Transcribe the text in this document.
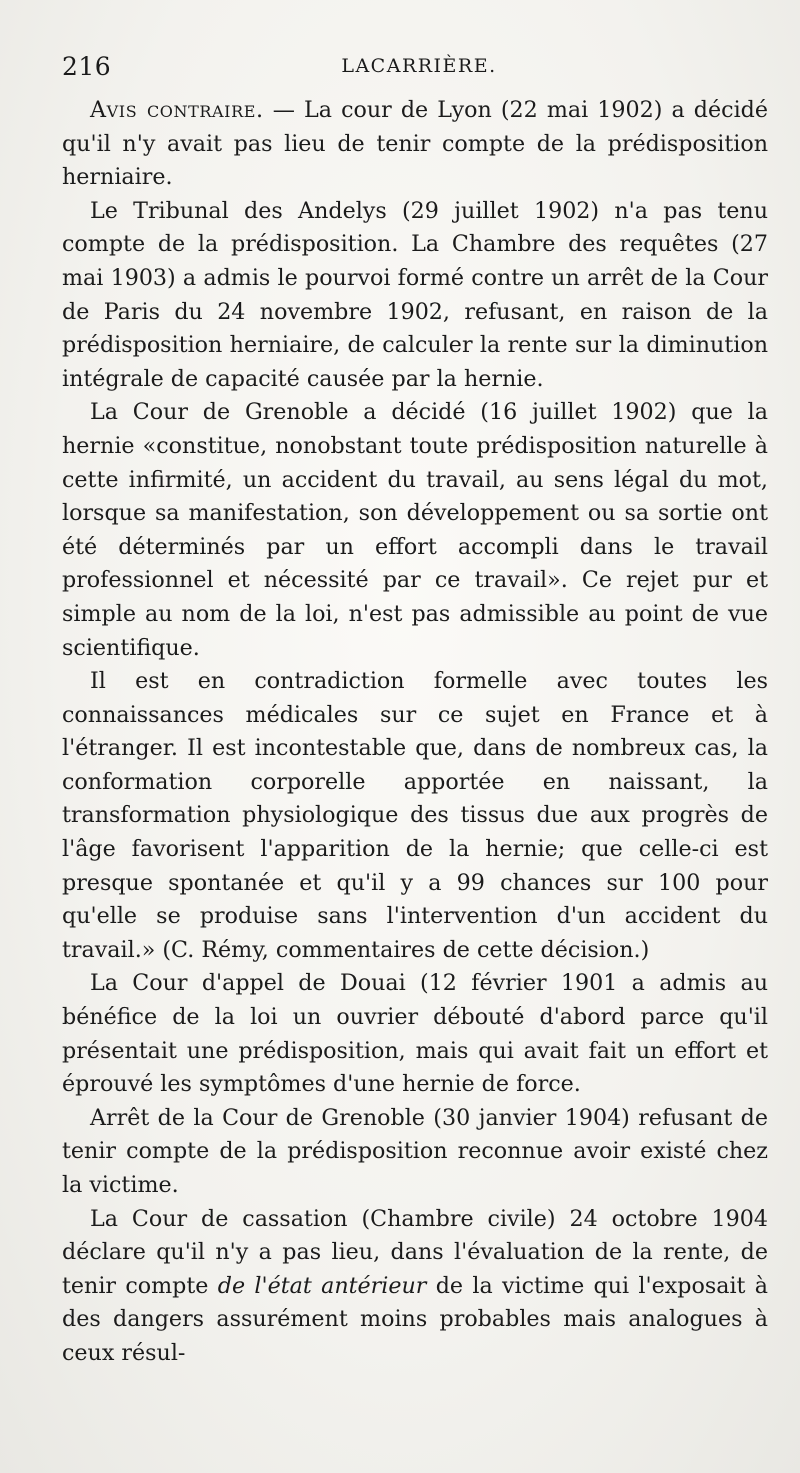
216	LACARRIÈRE.

Avis contraire. — La cour de Lyon (22 mai 1902) a décidé qu'il n'y avait pas lieu de tenir compte de la prédisposition herniaire.

Le Tribunal des Andelys (29 juillet 1902) n'a pas tenu compte de la prédisposition. La Chambre des requêtes (27 mai 1903) a admis le pourvoi formé contre un arrêt de la Cour de Paris du 24 novembre 1902, refusant, en raison de la prédisposition herniaire, de calculer la rente sur la diminution intégrale de capacité causée par la hernie.

La Cour de Grenoble a décidé (16 juillet 1902) que la hernie «constitue, nonobstant toute prédisposition naturelle à cette infirmité, un accident du travail, au sens légal du mot, lorsque sa manifestation, son développement ou sa sortie ont été déterminés par un effort accompli dans le travail professionnel et nécessité par ce travail». Ce rejet pur et simple au nom de la loi, n'est pas admissible au point de vue scientifique.

Il est en contradiction formelle avec toutes les connaissances médicales sur ce sujet en France et à l'étranger. Il est incontestable que, dans de nombreux cas, la conformation corporelle apportée en naissant, la transformation physiologique des tissus due aux progrès de l'âge favorisent l'apparition de la hernie; que celle-ci est presque spontanée et qu'il y a 99 chances sur 100 pour qu'elle se produise sans l'intervention d'un accident du travail.» (C. Rémy, commentaires de cette décision.)

La Cour d'appel de Douai (12 février 1901 a admis au bénéfice de la loi un ouvrier débouté d'abord parce qu'il présentait une prédisposition, mais qui avait fait un effort et éprouvé les symptômes d'une hernie de force.

Arrêt de la Cour de Grenoble (30 janvier 1904) refusant de tenir compte de la prédisposition reconnue avoir existé chez la victime.

La Cour de cassation (Chambre civile) 24 octobre 1904 déclare qu'il n'y a pas lieu, dans l'évaluation de la rente, de tenir compte de l'état antérieur de la victime qui l'exposait à des dangers assurément moins probables mais analogues à ceux résul-
